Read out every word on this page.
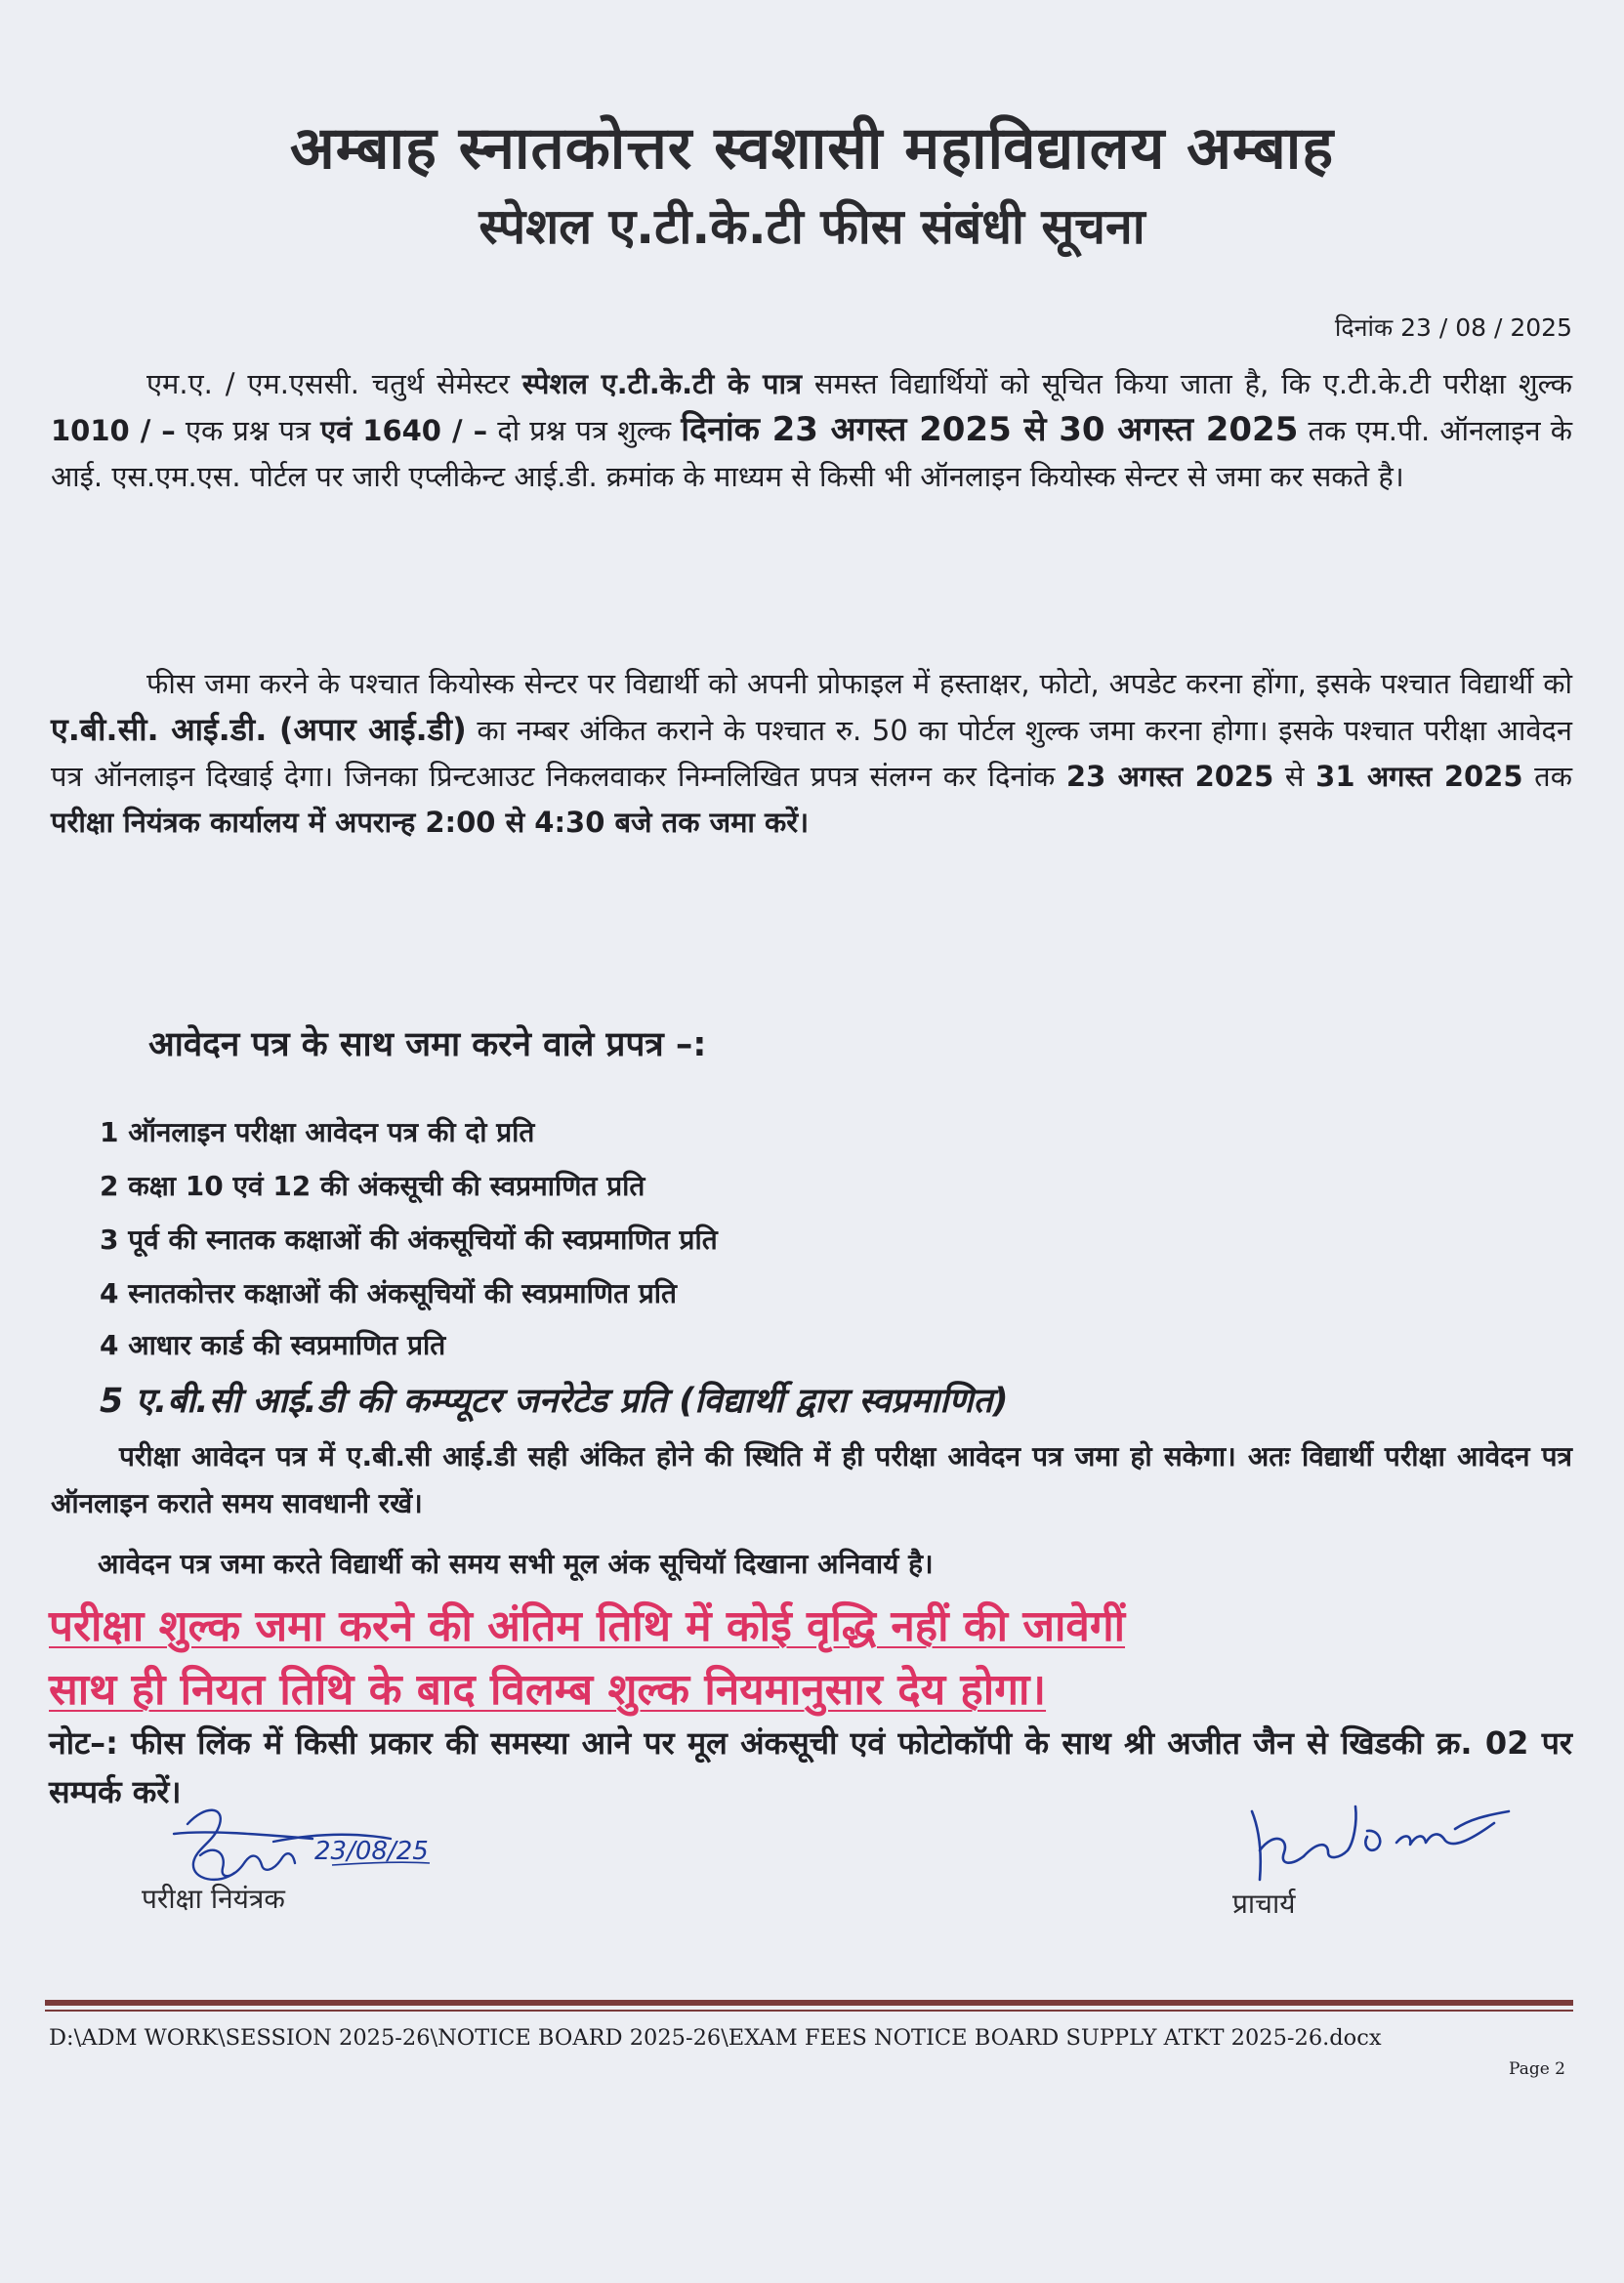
अम्बाह स्नातकोत्तर स्वशासी महाविद्यालय अम्बाह
स्पेशल ए.टी.के.टी फीस संबंधी सूचना
दिनांक 23 / 08 / 2025
एम.ए. / एम.एससी. चतुर्थ सेमेस्टर स्पेशल ए.टी.के.टी के पात्र समस्त विद्यार्थियों को सूचित किया जाता है, कि ए.टी.के.टी परीक्षा शुल्क 1010 / – एक प्रश्न पत्र एवं 1640 / – दो प्रश्न पत्र शुल्क दिनांक 23 अगस्त 2025 से 30 अगस्त 2025 तक एम.पी. ऑनलाइन के आई. एस.एम.एस. पोर्टल पर जारी एप्लीकेन्ट आई.डी. क्रमांक के माध्यम से किसी भी ऑनलाइन कियोस्क सेन्टर से जमा कर सकते है।
फीस जमा करने के पश्चात कियोस्क सेन्टर पर विद्यार्थी को अपनी प्रोफाइल में हस्ताक्षर, फोटो, अपडेट करना होंगा, इसके पश्चात विद्यार्थी को ए.बी.सी. आई.डी. (अपार आई.डी) का नम्बर अंकित कराने के पश्चात रु. 50 का पोर्टल शुल्क जमा करना होगा। इसके पश्चात परीक्षा आवेदन पत्र ऑनलाइन दिखाई देगा। जिनका प्रिन्टआउट निकलवाकर निम्नलिखित प्रपत्र संलग्न कर दिनांक 23 अगस्त 2025 से 31 अगस्त 2025 तक परीक्षा नियंत्रक कार्यालय में अपरान्ह 2:00 से 4:30 बजे तक जमा करें।
आवेदन पत्र के साथ जमा करने वाले प्रपत्र –:
1 ऑनलाइन परीक्षा आवेदन पत्र की दो प्रति
2 कक्षा 10 एवं 12 की अंकसूची की स्वप्रमाणित प्रति
3 पूर्व की स्नातक कक्षाओं की अंकसूचियों की स्वप्रमाणित प्रति
4 स्नातकोत्तर कक्षाओं की अंकसूचियों की स्वप्रमाणित प्रति
4 आधार कार्ड की स्वप्रमाणित प्रति
5 ए.बी.सी आई.डी की कम्प्यूटर जनरेटेड प्रति (विद्यार्थी द्वारा स्वप्रमाणित)
परीक्षा आवेदन पत्र में ए.बी.सी आई.डी सही अंकित होने की स्थिति में ही परीक्षा आवेदन पत्र जमा हो सकेगा। अतः विद्यार्थी परीक्षा आवेदन पत्र ऑनलाइन कराते समय सावधानी रखें।
आवेदन पत्र जमा करते विद्यार्थी को समय सभी मूल अंक सूचियॉ दिखाना अनिवार्य है।
परीक्षा शुल्क जमा करने की अंतिम तिथि में कोई वृद्धि नहीं की जावेगीं
साथ ही नियत तिथि के बाद विलम्ब शुल्क नियमानुसार देय होगा।
नोट–: फीस लिंक में किसी प्रकार की समस्या आने पर मूल अंकसूची एवं फोटोकॉपी के साथ श्री अजीत जैन से खिडकी क्र. 02 पर सम्पर्क करें।
23/08/25
परीक्षा नियंत्रक	प्राचार्य
D:\ADM WORK\SESSION 2025-26\NOTICE BOARD 2025-26\EXAM FEES NOTICE BOARD SUPPLY ATKT 2025-26.docx
Page 2
